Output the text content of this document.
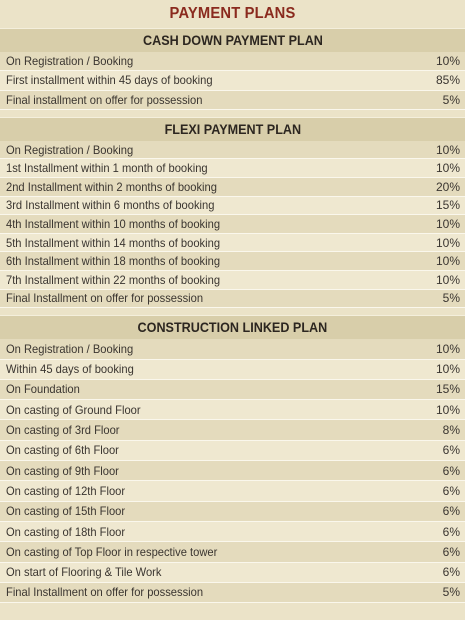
PAYMENT PLANS
CASH DOWN PAYMENT PLAN
On Registration / Booking	10%
First installment within 45 days of booking	85%
Final installment on offer for possession	5%
FLEXI PAYMENT PLAN
On Registration / Booking	10%
1st Installment within 1 month of booking	10%
2nd Installment within 2 months of booking	20%
3rd Installment within 6 months of booking	15%
4th Installment within 10 months of booking	10%
5th Installment within 14 months of booking	10%
6th Installment within 18 months of booking	10%
7th Installment within 22 months of booking	10%
Final Installment on offer for possession	5%
CONSTRUCTION LINKED PLAN
On Registration / Booking	10%
Within 45 days of booking	10%
On Foundation	15%
On casting of Ground Floor	10%
On casting of 3rd Floor	8%
On casting of 6th Floor	6%
On casting of 9th Floor	6%
On casting of 12th Floor	6%
On casting of 15th Floor	6%
On casting of 18th Floor	6%
On casting of Top Floor in respective tower	6%
On start of Flooring & Tile Work	6%
Final Installment on offer for possession	5%
